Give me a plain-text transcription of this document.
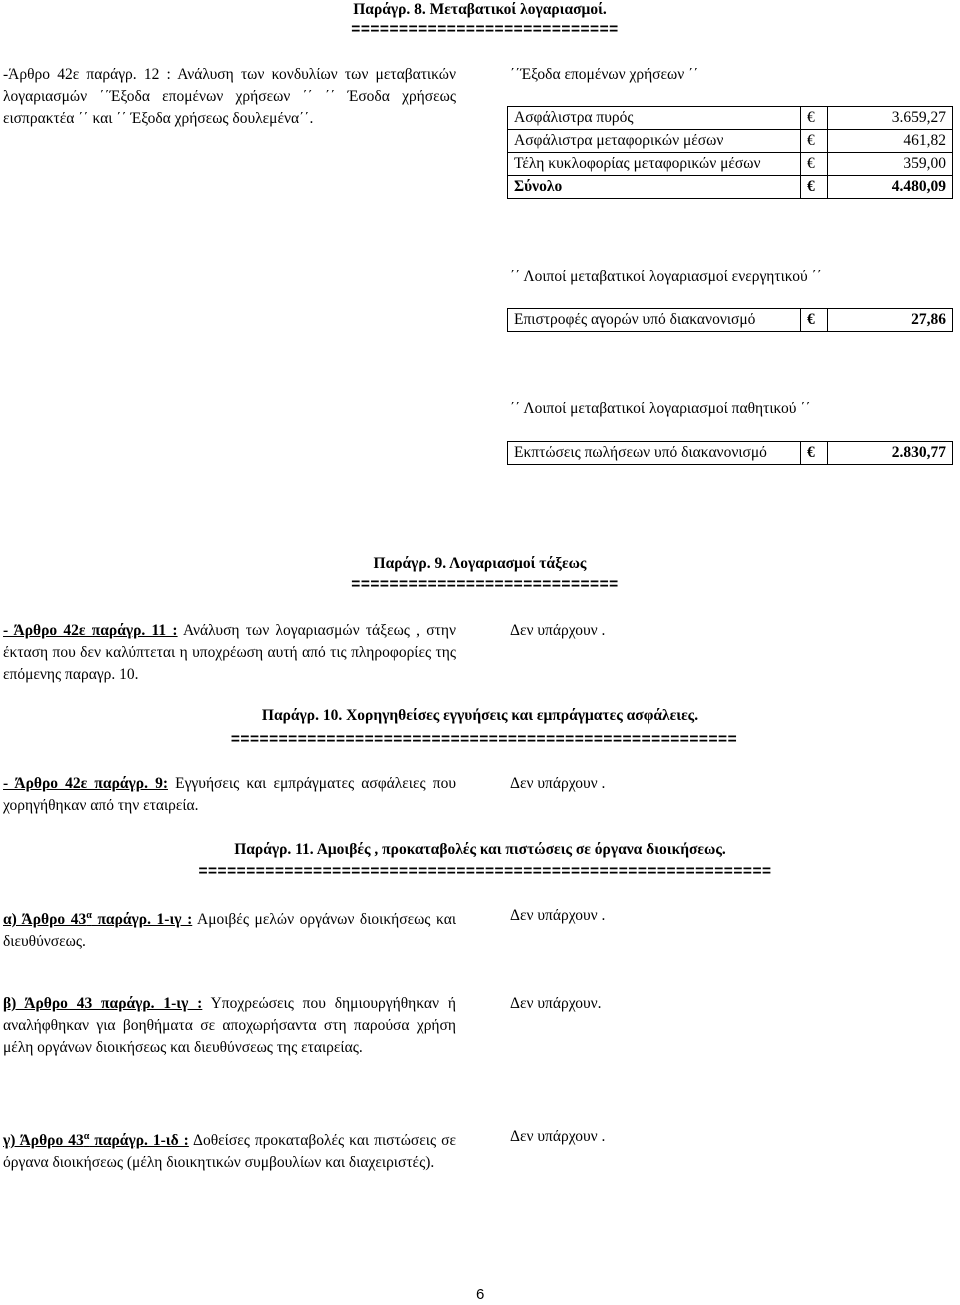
Παράγρ. 8. Μεταβατικοί λογαριασμοί.
============================
-Άρθρο 42ε παράγρ. 12 : Ανάλυση των κονδυλίων των μεταβατικών λογαριασμών ΄΄Έξοδα επομένων χρήσεων ΄΄ ΄΄ Έσοδα χρήσεως εισπρακτέα ΄΄ και ΄΄ Έξοδα χρήσεως δουλεμένα΄΄.
΄΄Έξοδα επομένων χρήσεων ΄΄
Ασφάλιστρα πυρός	€	3.659,27
Ασφάλιστρα μεταφορικών μέσων	€	461,82
Τέλη κυκλοφορίας μεταφορικών μέσων	€	359,00
Σύνολο	€	4.480,09
΄΄ Λοιποί μεταβατικοί λογαριασμοί ενεργητικού ΄΄
Επιστροφές αγορών υπό διακανονισμό	€	27,86
΄΄ Λοιποί μεταβατικοί λογαριασμοί παθητικού ΄΄
Εκπτώσεις πωλήσεων υπό διακανονισμό	€	2.830,77
Παράγρ. 9. Λογαριασμοί τάξεως
============================
- Άρθρο 42ε παράγρ. 11 : Ανάλυση των λογαριασμών τάξεως , στην έκταση που δεν καλύπτεται η υποχρέωση αυτή από τις πληροφορίες της επόμενης παραγρ. 10.
Δεν υπάρχουν .
Παράγρ. 10. Χορηγηθείσες εγγυήσεις και εμπράγματες ασφάλειες.
=====================================================
- Άρθρο 42ε παράγρ. 9: Εγγυήσεις και εμπράγματες ασφάλειες που χορηγήθηκαν από την εταιρεία.
Δεν υπάρχουν .
Παράγρ. 11. Αμοιβές , προκαταβολές και πιστώσεις σε όργανα διοικήσεως.
============================================================
α) Άρθρο $43^\alpha$ παράγρ. 1-ιγ : Αμοιβές μελών οργάνων διοικήσεως και διευθύνσεως.
Δεν υπάρχουν .
β) Άρθρο 43 παράγρ. 1-ιγ : Υποχρεώσεις που δημιουργήθηκαν ή αναλήφθηκαν για βοηθήματα σε αποχωρήσαντα στη παρούσα χρήση μέλη οργάνων διοικήσεως και διευθύνσεως της εταιρείας.
Δεν υπάρχουν.
γ) Άρθρο $43^\alpha$ παράγρ. 1-ιδ : Δοθείσες προκαταβολές και πιστώσεις σε όργανα διοικήσεως (μέλη διοικητικών συμβουλίων και διαχειριστές).
Δεν υπάρχουν .
6
